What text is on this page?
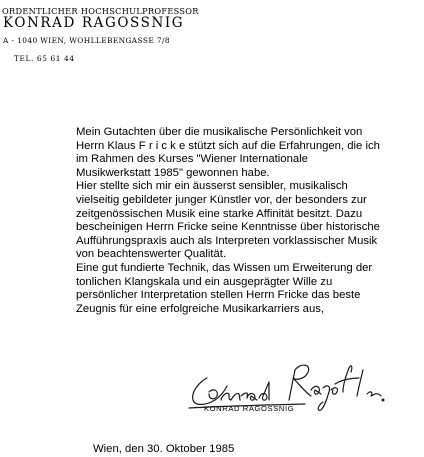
ORDENTLICHER HOCHSCHULPROFESSOR
KONRAD RAGOSSNIG
A - 1040 WIEN, WOHLLEBENGASSE 7/8
TEL. 65 61 44
Mein Gutachten über die musikalische Persönlichkeit von
Herrn Klaus F r i c k e stützt sich auf die Erfahrungen, die ich
im Rahmen des Kurses "Wiener Internationale
Musikwerkstatt 1985" gewonnen habe.
Hier stellte sich mir ein äusserst sensibler, musikalisch
vielseitig gebildeter junger Künstler vor, der besonders zur
zeitgenössischen Musik eine starke Affinität besitzt. Dazu
bescheinigen Herrn Fricke seine Kenntnisse über historische
Aufführungspraxis auch als Interpreten vorklassischer Musik
von beachtenswerter Qualität.
Eine gut fundierte Technik, das Wissen um Erweiterung der
tonlichen Klangskala und ein ausgeprägter Wille zu
persönlicher Interpretation stellen Herrn Fricke das beste
Zeugnis für eine erfolgreiche Musikarkarriers aus,
KONRAD RAGOSSNIG
Wien, den 30. Oktober 1985
